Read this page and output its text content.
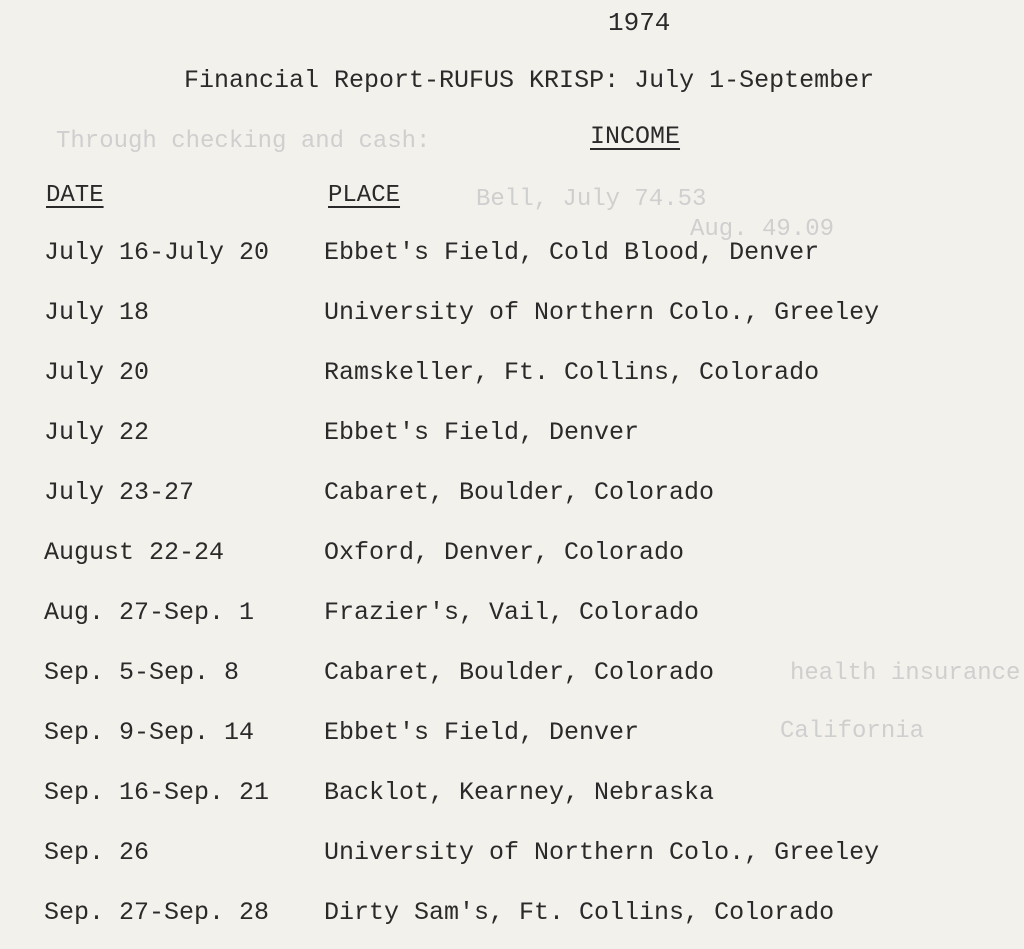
Through checking and cash:
Bell, July 74.53
Aug. 49.09
health insurance
California
1974
Financial Report-RUFUS KRISP: July 1-September
INCOME
DATE	PLACE
July 16-July 20 Ebbet's Field, Cold Blood, Denver
July 18	University of Northern Colo., Greeley
July 20	Ramskeller, Ft. Collins, Colorado
July 22	Ebbet's Field, Denver
July 23-27	Cabaret, Boulder, Colorado
August 22-24	Oxford, Denver, Colorado
Aug. 27-Sep. 1	Frazier's, Vail, Colorado
Sep. 5-Sep. 8	Cabaret, Boulder, Colorado
Sep. 9-Sep. 14	Ebbet's Field, Denver
Sep. 16-Sep. 21 Backlot, Kearney, Nebraska
Sep. 26	University of Northern Colo., Greeley
Sep. 27-Sep. 28 Dirty Sam's, Ft. Collins, Colorado
